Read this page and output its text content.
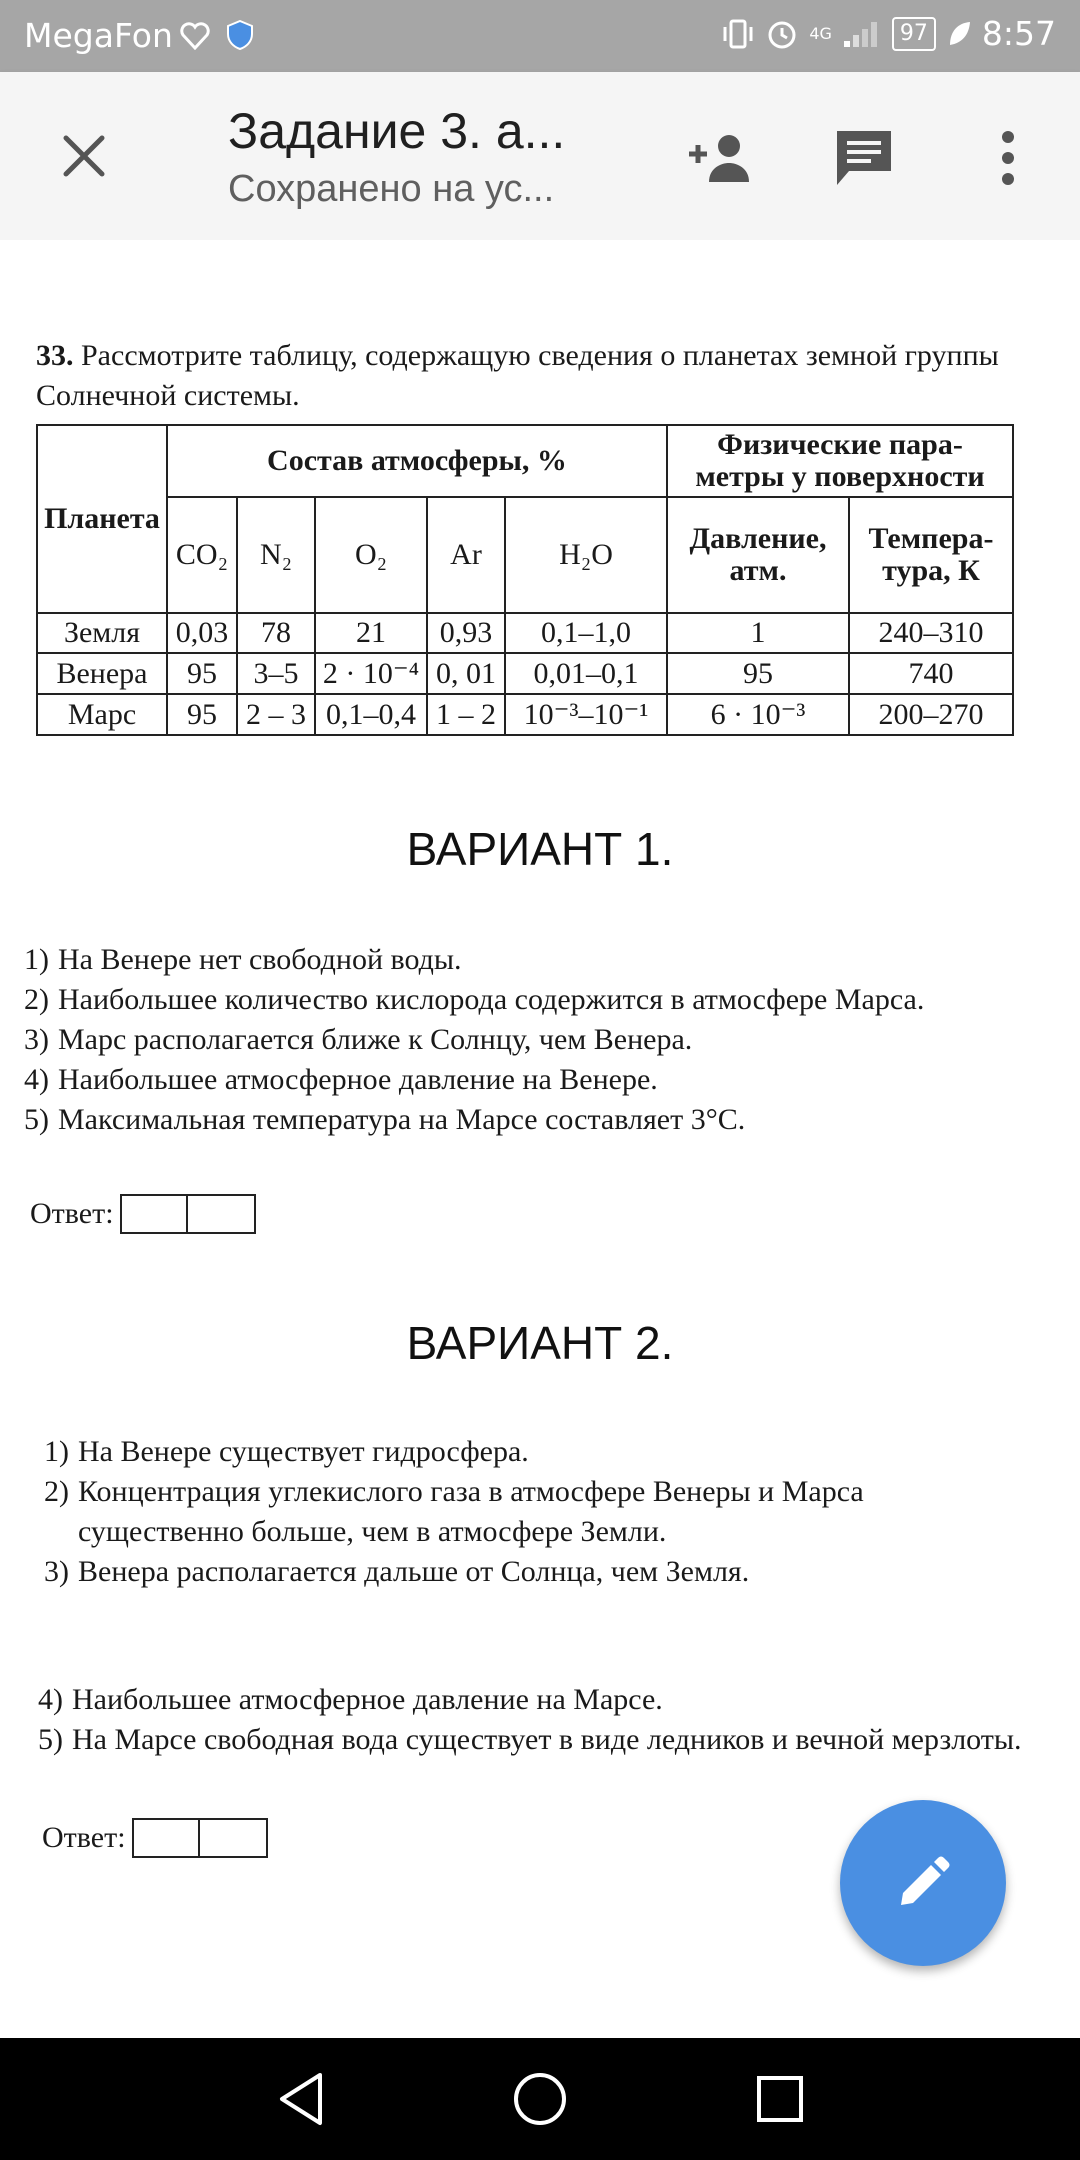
MegaFon	4G	97 8:57
Задание 3. а...
Сохранено на ус...
33. Рассмотрите таблицу, содержащую сведения о планетах земной группы Солнечной системы.
Планета	Состав атмосферы, %					Физические пара- метры у поверхности	
	CO₂	N₂	O₂	Ar	H₂O	Давление, атм.	Темпера- тура, К
Земля	0,03	78	21	0,93	0,1–1,0	1	240–310
Венера	95	3–5	2 · 10⁻⁴	0, 01	0,01–0,1	95	740
Марс	95	2 – 3	0,1–0,4	1 – 2	10⁻³–10⁻¹	6 · 10⁻³	200–270
ВАРИАНТ 1.
1) На Венере нет свободной воды.
2) Наибольшее количество кислорода содержится в атмосфере Марса.
3) Марс располагается ближе к Солнцу, чем Венера.
4) Наибольшее атмосферное давление на Венере.
5) Максимальная температура на Марсе составляет 3°С.
Ответ:
ВАРИАНТ 2.
1) На Венере существует гидросфера.
2) Концентрация углекислого газа в атмосфере Венеры и Марса существенно больше, чем в атмосфере Земли.
3) Венера располагается дальше от Солнца, чем Земля.
4) Наибольшее атмосферное давление на Марсе.
5) На Марсе свободная вода существует в виде ледников и вечной мерзлоты.
Ответ:
